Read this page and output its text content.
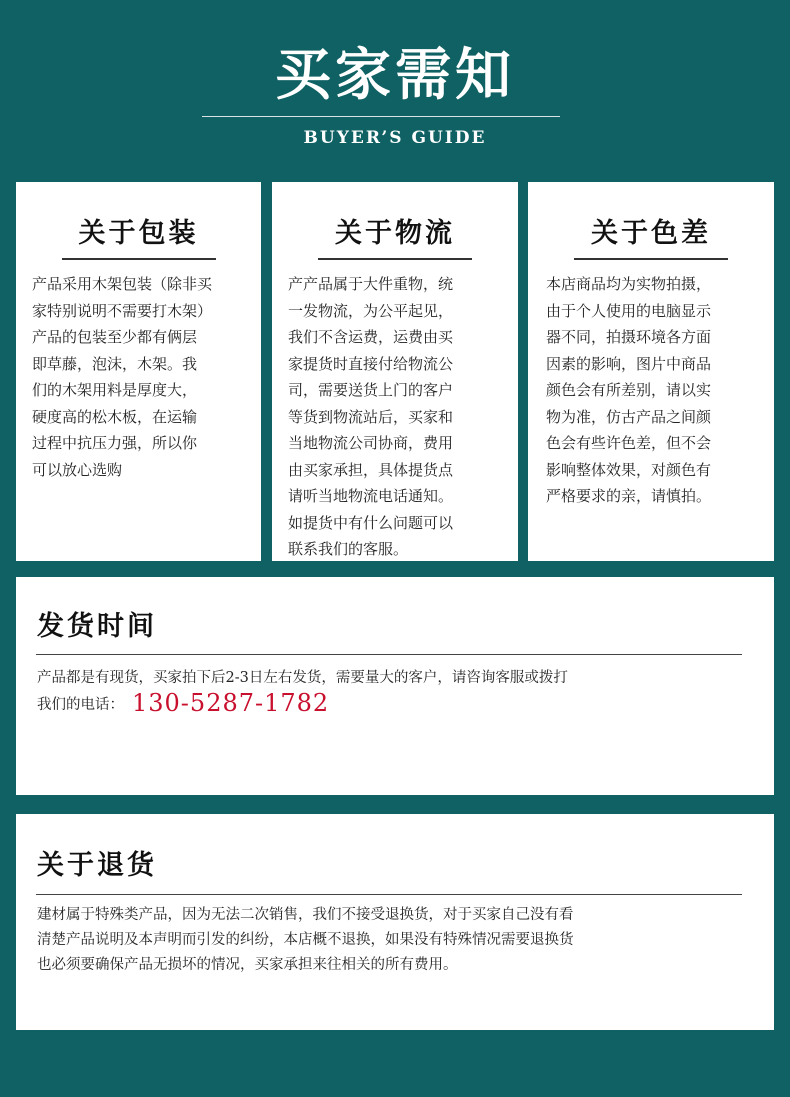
买家需知
BUYER’S GUIDE
关于包装
产品采用木架包装（除非买
家特别说明不需要打木架）
产品的包装至少都有俩层
即草藤，泡沫，木架。我
们的木架用料是厚度大，
硬度高的松木板，在运输
过程中抗压力强，所以你
可以放心选购
关于物流
产产品属于大件重物，统
一发物流，为公平起见，
我们不含运费，运费由买
家提货时直接付给物流公
司，需要送货上门的客户
等货到物流站后，买家和
当地物流公司协商，费用
由买家承担，具体提货点
请听当地物流电话通知。
如提货中有什么问题可以
联系我们的客服。
关于色差
本店商品均为实物拍摄，
由于个人使用的电脑显示
器不同，拍摄环境各方面
因素的影响，图片中商品
颜色会有所差别，请以实
物为准，仿古产品之间颜
色会有些许色差，但不会
影响整体效果，对颜色有
严格要求的亲，请慎拍。
发货时间
产品都是有现货，买家拍下后2-3日左右发货，需要量大的客户，请咨询客服或拨打
我们的电话： 130-5287-1782
关于退货
建材属于特殊类产品，因为无法二次销售，我们不接受退换货，对于买家自己没有看
清楚产品说明及本声明而引发的纠纷，本店概不退换，如果没有特殊情况需要退换货
也必须要确保产品无损坏的情况，买家承担来往相关的所有费用。
